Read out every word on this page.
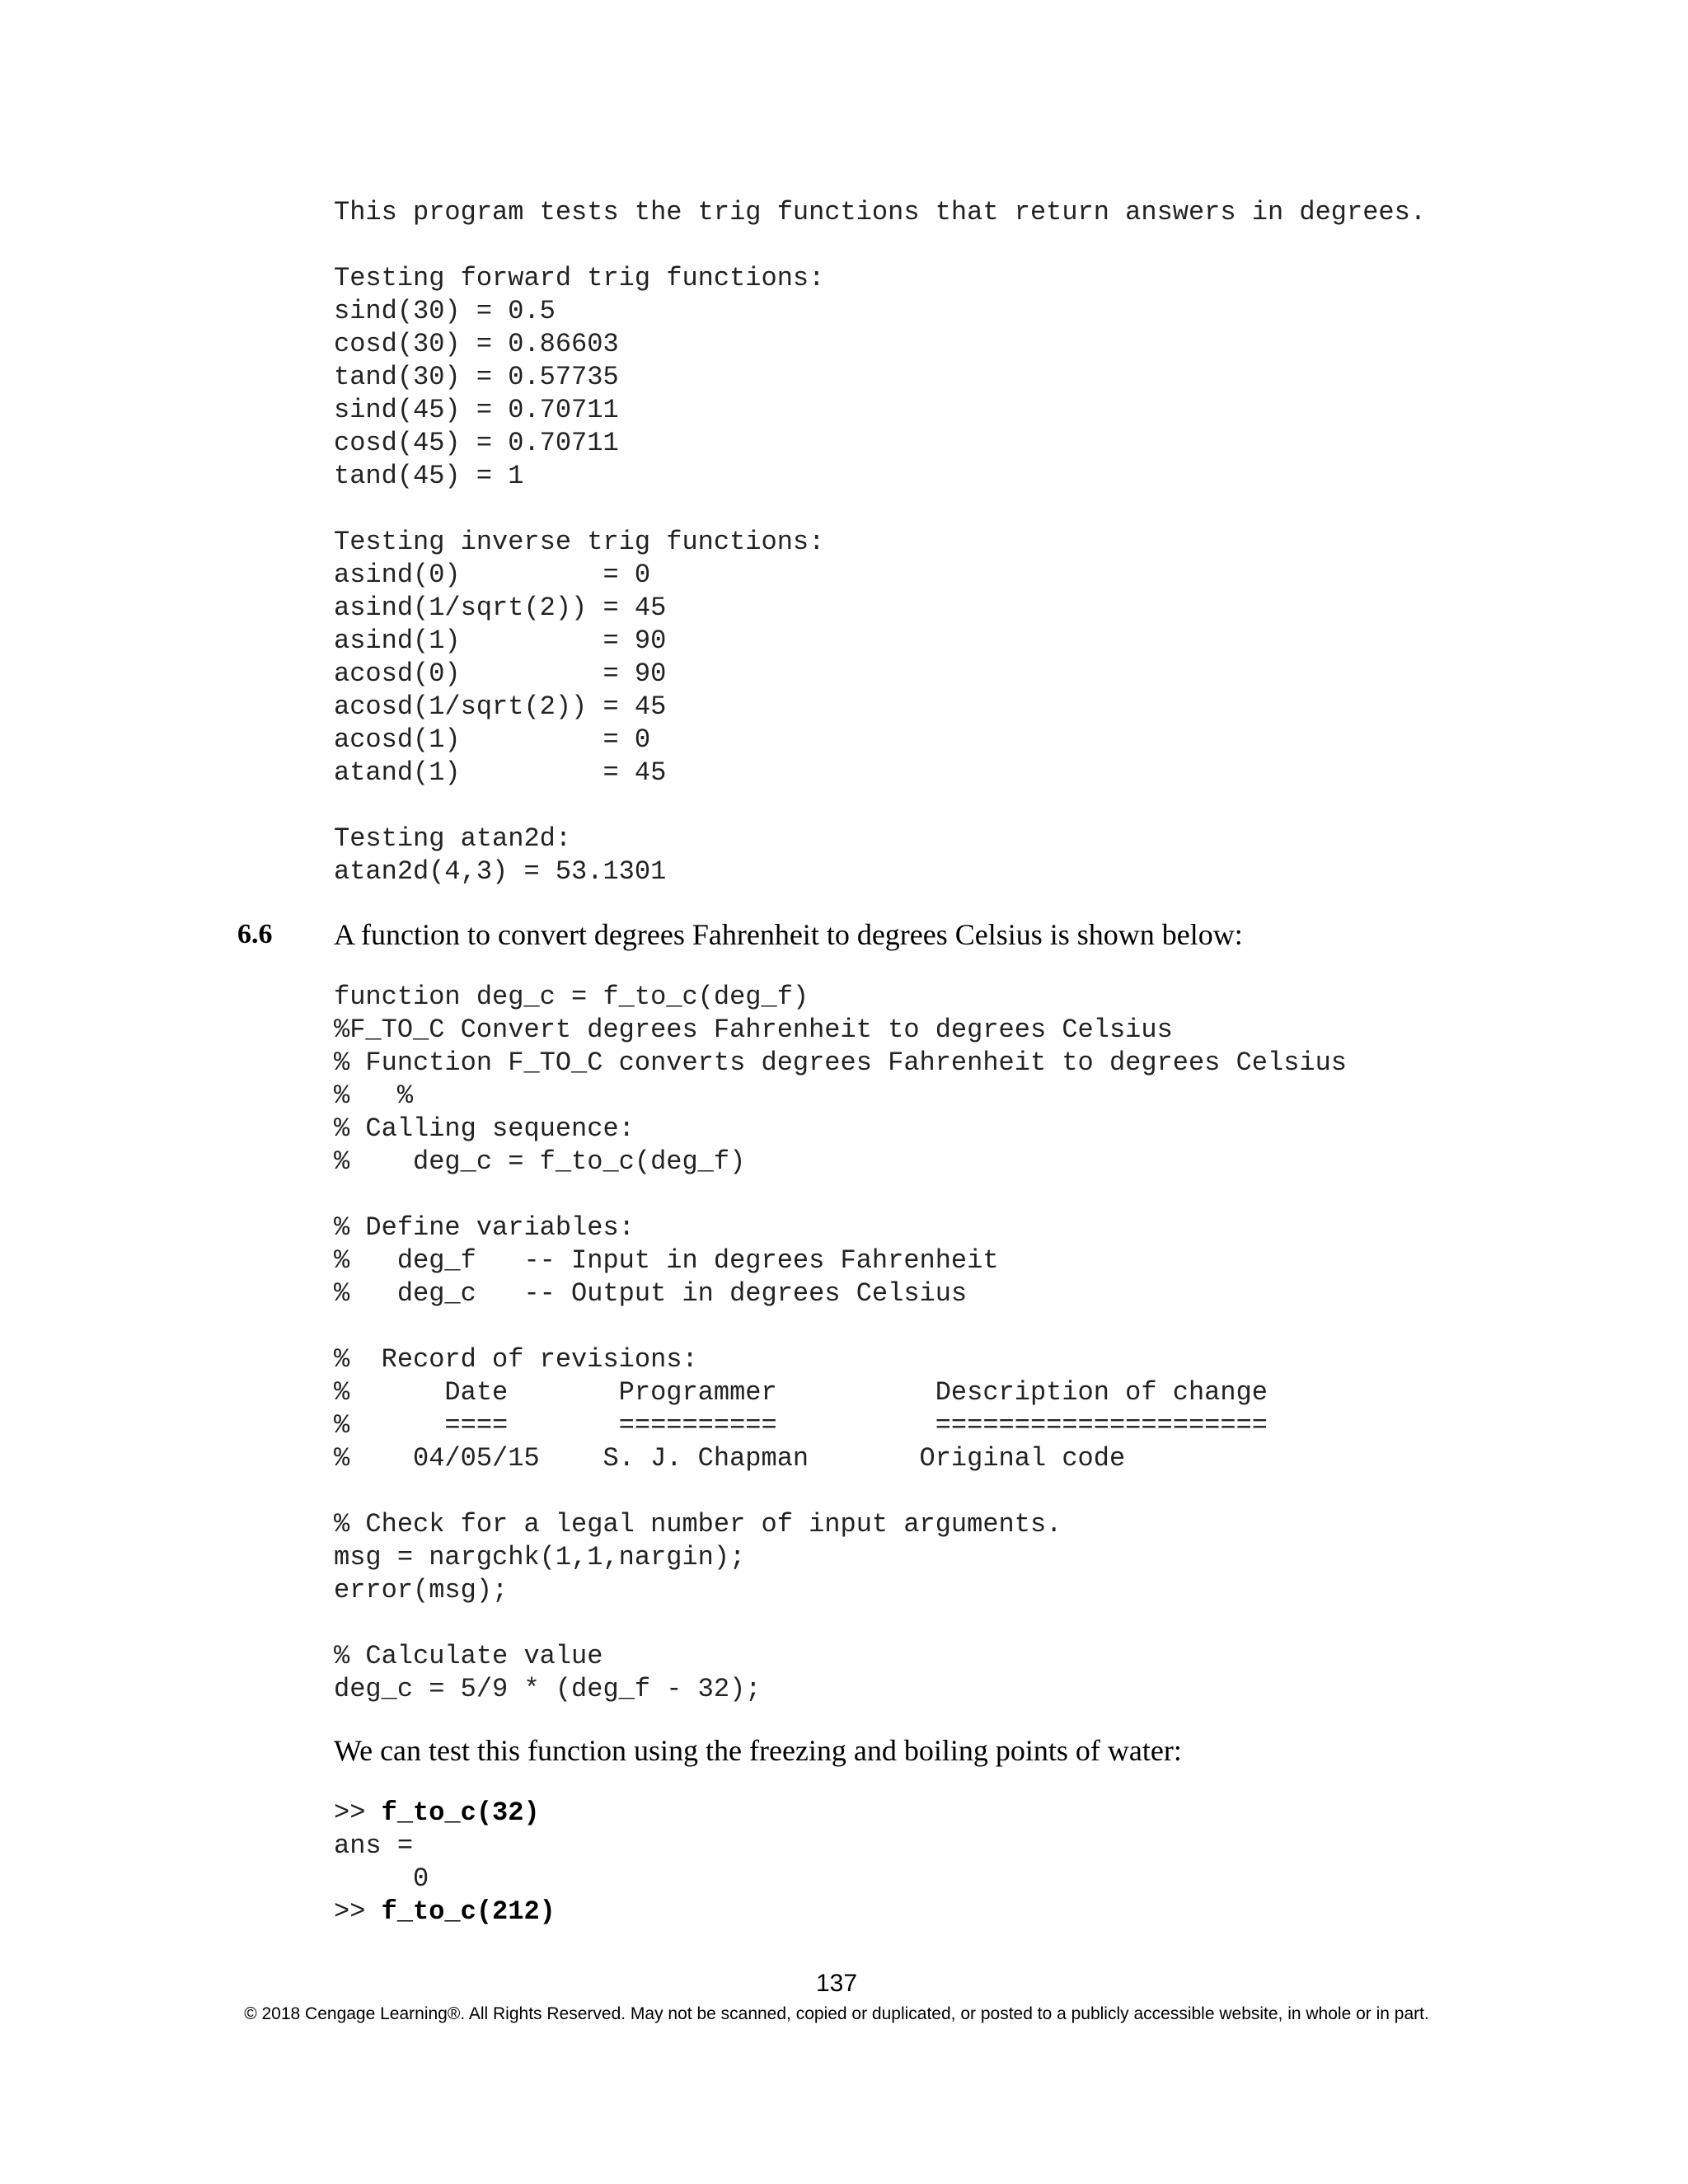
This program tests the trig functions that return answers in degrees.
Testing forward trig functions:
sind(30) = 0.5
cosd(30) = 0.86603
tand(30) = 0.57735
sind(45) = 0.70711
cosd(45) = 0.70711
tand(45) = 1
Testing inverse trig functions:
asind(0)         = 0
asind(1/sqrt(2)) = 45
asind(1)         = 90
acosd(0)         = 90
acosd(1/sqrt(2)) = 45
acosd(1)         = 0
atand(1)         = 45
Testing atan2d:
atan2d(4,3) = 53.1301
6.6 A function to convert degrees Fahrenheit to degrees Celsius is shown below:
function deg_c = f_to_c(deg_f)
%F_TO_C Convert degrees Fahrenheit to degrees Celsius
% Function F_TO_C converts degrees Fahrenheit to degrees Celsius
%   %
% Calling sequence:
%    deg_c = f_to_c(deg_f)
% Define variables:
%   deg_f   -- Input in degrees Fahrenheit
%   deg_c   -- Output in degrees Celsius
%  Record of revisions:
%      Date       Programmer          Description of change
%      ====       ==========          =====================
%    04/05/15    S. J. Chapman       Original code
% Check for a legal number of input arguments.
msg = nargchk(1,1,nargin);
error(msg);
% Calculate value
deg_c = 5/9 * (deg_f - 32);
We can test this function using the freezing and boiling points of water:
>> f_to_c(32)
ans =
0
>> f_to_c(212)
137
© 2018 Cengage Learning®. All Rights Reserved. May not be scanned, copied or duplicated, or posted to a publicly accessible website, in whole or in part.
